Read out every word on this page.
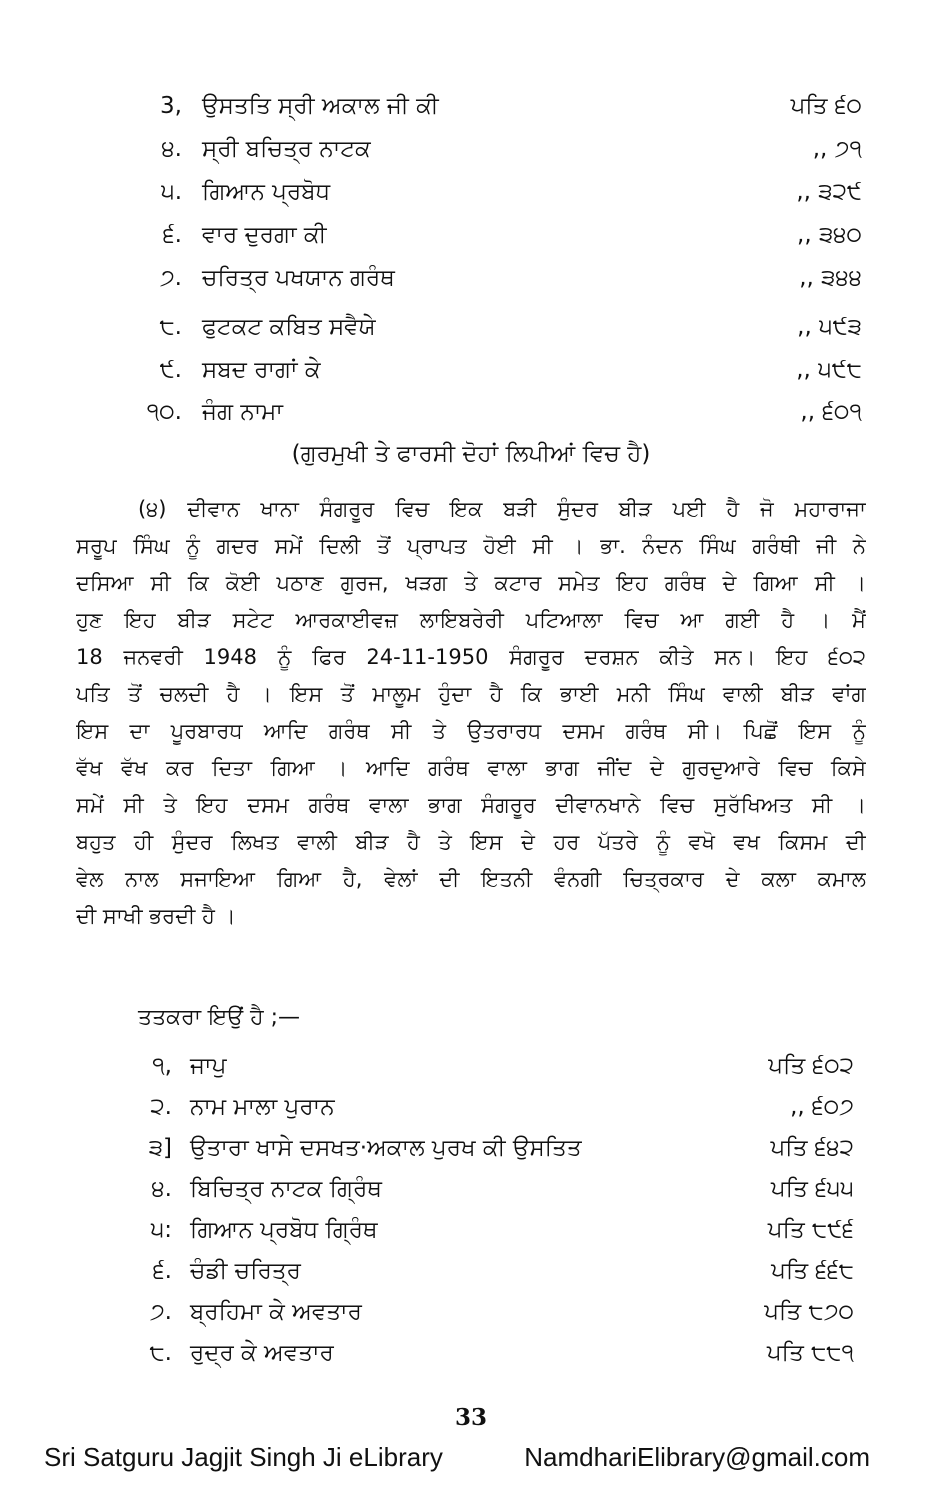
3, ਉਸਤਤਿ ਸ੍ਰੀ ਅਕਾਲ ਜੀ ਕੀ	ਪਤਿ ੬੦
੪. ਸ੍ਰੀ ਬਚਿਤ੍ਰ ਨਾਟਕ	,, ੭੧
੫. ਗਿਆਨ ਪ੍ਰਬੋਧ	,, ੩੨੯
੬. ਵਾਰ ਦੁਰਗਾ ਕੀ	,, ੩੪੦
੭. ਚਰਿਤ੍ਰ ਪਖਯਾਨ ਗਰੰਥ	,, ੩੪੪
੮. ਫੁਟਕਟ ਕਬਿਤ ਸਵੈਯੇ	,, ੫੯੩
੯. ਸਬਦ ਰਾਗਾਂ ਕੇ	,, ੫੯੮
੧੦. ਜੰਗ ਨਾਮਾ	,, ੬੦੧
(ਗੁਰਮੁਖੀ ਤੇ ਫਾਰਸੀ ਦੋਹਾਂ ਲਿਪੀਆਂ ਵਿਚ ਹੈ)
(੪) ਦੀਵਾਨ ਖਾਨਾ ਸੰਗਰੂਰ ਵਿਚ ਇਕ ਬੜੀ ਸੁੰਦਰ ਬੀੜ ਪਈ ਹੈ ਜੋ ਮਹਾਰਾਜਾ
ਸਰੂਪ ਸਿੰਘ ਨੂੰ ਗਦਰ ਸਮੇਂ ਦਿਲੀ ਤੋਂ ਪ੍ਰਾਪਤ ਹੋਈ ਸੀ । ਭਾ. ਨੰਦਨ ਸਿੰਘ ਗਰੰਥੀ ਜੀ ਨੇ
ਦਸਿਆ ਸੀ ਕਿ ਕੋਈ ਪਠਾਣ ਗੁਰਜ, ਖੜਗ ਤੇ ਕਟਾਰ ਸਮੇਤ ਇਹ ਗਰੰਥ ਦੇ ਗਿਆ ਸੀ ।
ਹੁਣ ਇਹ ਬੀੜ ਸਟੇਟ ਆਰਕਾਈਵਜ਼ ਲਾਇਬਰੇਰੀ ਪਟਿਆਲਾ ਵਿਚ ਆ ਗਈ ਹੈ । ਮੈਂ
18 ਜਨਵਰੀ 1948 ਨੂੰ ਫਿਰ 24-11-1950 ਸੰਗਰੂਰ ਦਰਸ਼ਨ ਕੀਤੇ ਸਨ। ਇਹ ੬੦੨
ਪਤਿ ਤੋਂ ਚਲਦੀ ਹੈ । ਇਸ ਤੋਂ ਮਾਲੂਮ ਹੁੰਦਾ ਹੈ ਕਿ ਭਾਈ ਮਨੀ ਸਿੰਘ ਵਾਲੀ ਬੀੜ ਵਾਂਗ
ਇਸ ਦਾ ਪੂਰਬਾਰਧ ਆਦਿ ਗਰੰਥ ਸੀ ਤੇ ਉਤਰਾਰਧ ਦਸਮ ਗਰੰਥ ਸੀ। ਪਿਛੋਂ ਇਸ ਨੂੰ
ਵੱਖ ਵੱਖ ਕਰ ਦਿਤਾ ਗਿਆ । ਆਦਿ ਗਰੰਥ ਵਾਲਾ ਭਾਗ ਜੀਂਦ ਦੇ ਗੁਰਦੁਆਰੇ ਵਿਚ ਕਿਸੇ
ਸਮੇਂ ਸੀ ਤੇ ਇਹ ਦਸਮ ਗਰੰਥ ਵਾਲਾ ਭਾਗ ਸੰਗਰੂਰ ਦੀਵਾਨਖਾਨੇ ਵਿਚ ਸੁਰੱਖਿਅਤ ਸੀ ।
ਬਹੁਤ ਹੀ ਸੁੰਦਰ ਲਿਖਤ ਵਾਲੀ ਬੀੜ ਹੈ ਤੇ ਇਸ ਦੇ ਹਰ ਪੱਤਰੇ ਨੂੰ ਵਖੋ ਵਖ ਕਿਸਮ ਦੀ
ਵੇਲ ਨਾਲ ਸਜਾਇਆ ਗਿਆ ਹੈ, ਵੇਲਾਂ ਦੀ ਇਤਨੀ ਵੰਨਗੀ ਚਿਤ੍ਰਕਾਰ ਦੇ ਕਲਾ ਕਮਾਲ
ਦੀ ਸਾਖੀ ਭਰਦੀ ਹੈ ।
ਤਤਕਰਾ ਇਉਂ ਹੈ ;—
੧, ਜਾਪੁ	ਪਤਿ ੬੦੨
੨. ਨਾਮ ਮਾਲਾ ਪੁਰਾਨ	,, ੬੦੭
੩] ਉਤਾਰਾ ਖਾਸੇ ਦਸਖਤ·ਅਕਾਲ ਪੁਰਖ ਕੀ ਉਸਤਿਤ	ਪਤਿ ੬੪੨
੪. ਬਿਚਿਤ੍ਰ ਨਾਟਕ ਗ੍ਰਿੰਥ	ਪਤਿ ੬੫੫
੫: ਗਿਆਨ ਪ੍ਰਬੋਧ ਗ੍ਰਿੰਥ	ਪਤਿ ੮੯੬
੬. ਚੰਡੀ ਚਰਿਤ੍ਰ	ਪਤਿ ੬੬੮
੭. ਬ੍ਰਹਿਮਾ ਕੇ ਅਵਤਾਰ	ਪਤਿ ੮੭੦
੮. ਰੁਦ੍ਰ ਕੇ ਅਵਤਾਰ	ਪਤਿ ੮੮੧
33
Sri Satguru Jagjit Singh Ji eLibrary	NamdhariElibrary@gmail.com
